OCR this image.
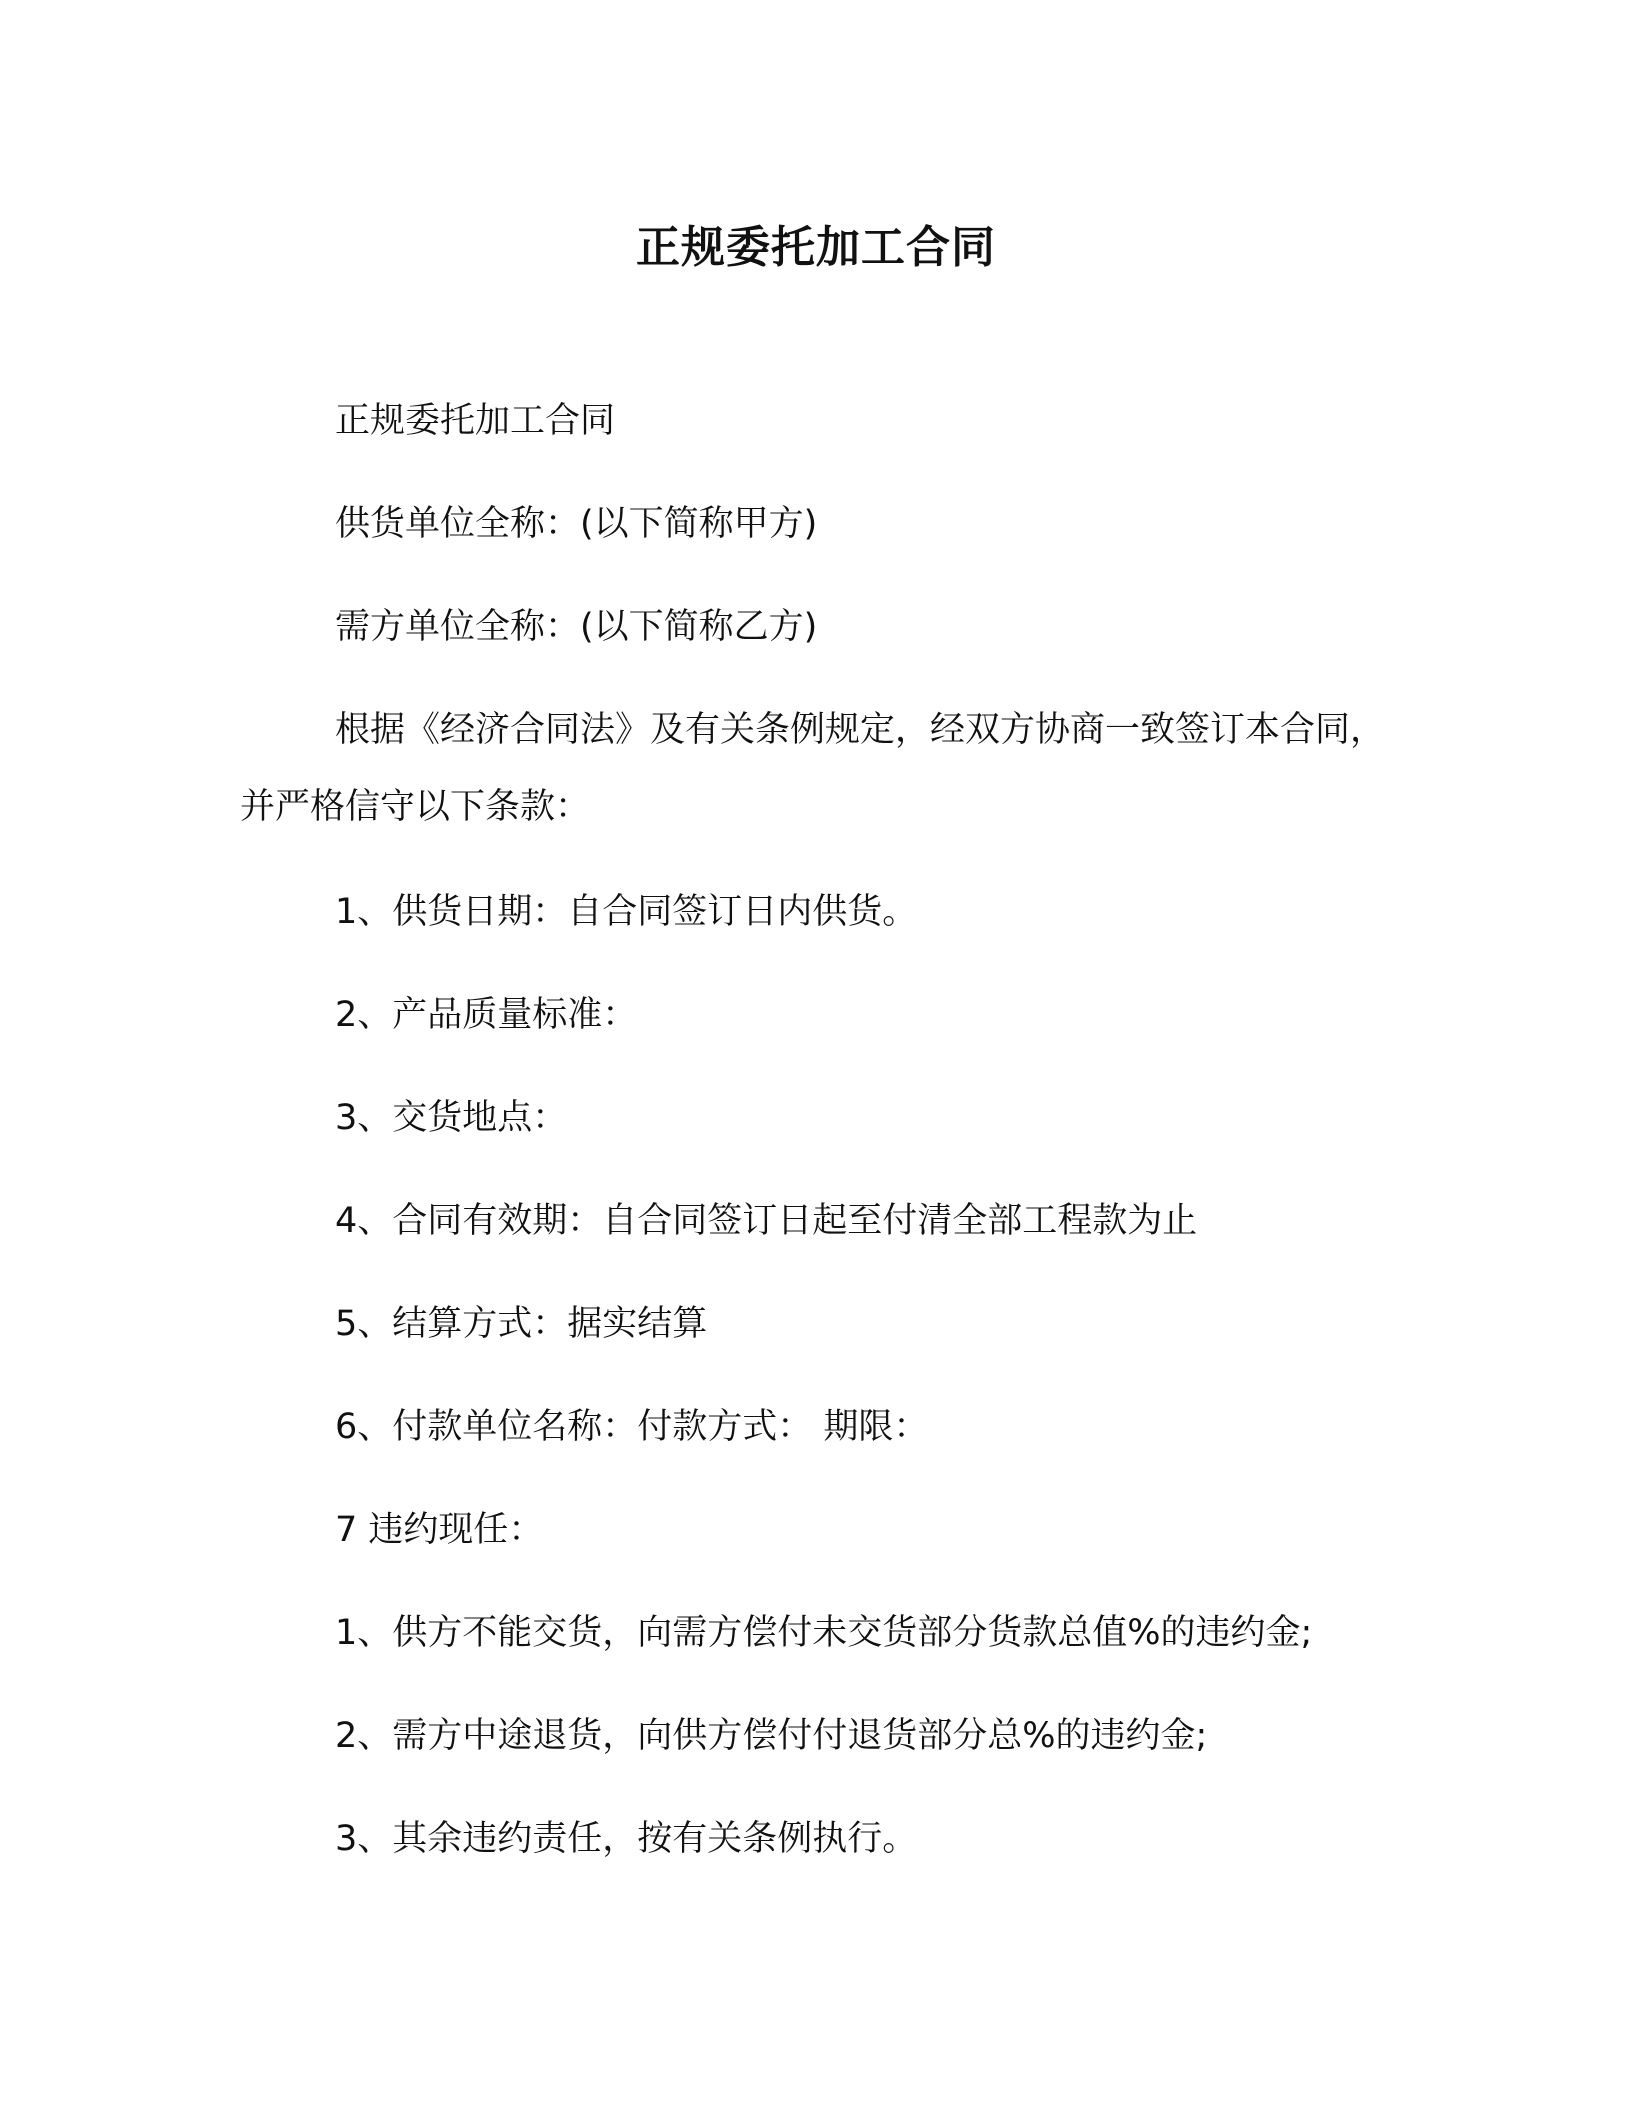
正规委托加工合同

正规委托加工合同

供货单位全称：(以下简称甲方)

需方单位全称：(以下简称乙方)

根据《经济合同法》及有关条例规定，经双方协商一致签订本合同，并严格信守以下条款：

1、供货日期：自合同签订日内供货。

2、产品质量标准：

3、交货地点：

4、合同有效期：自合同签订日起至付清全部工程款为止

5、结算方式：据实结算

6、付款单位名称：付款方式： 期限：

7 违约现任：

1、供方不能交货，向需方偿付未交货部分货款总值%的违约金;

2、需方中途退货，向供方偿付付退货部分总%的违约金;

3、其余违约责任，按有关条例执行。
